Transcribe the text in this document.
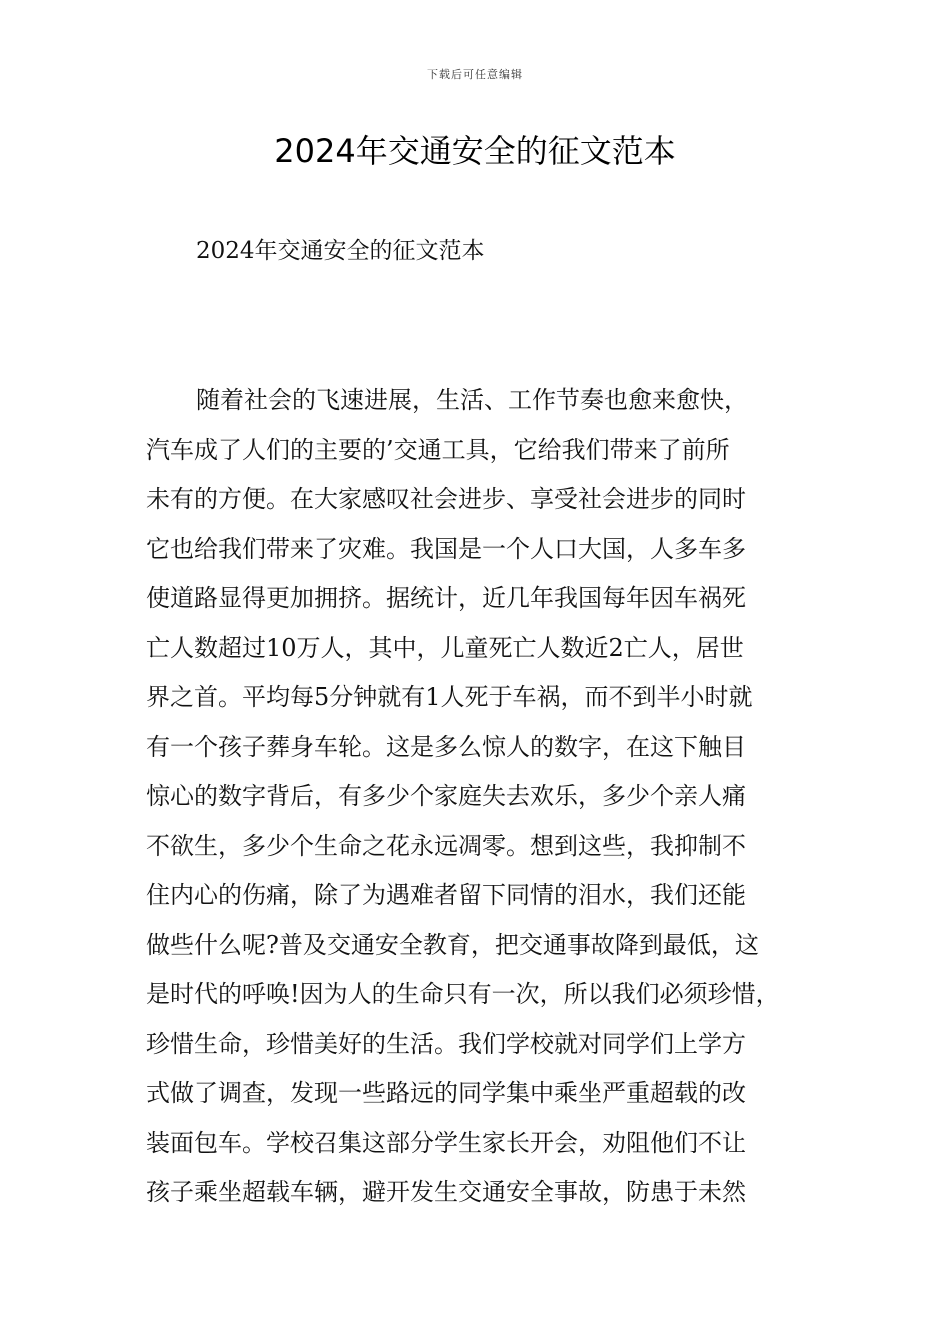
下载后可任意编辑
2024年交通安全的征文范本
2024年交通安全的征文范本
随着社会的飞速进展，生活、工作节奏也愈来愈快，
汽车成了人们的主要的’交通工具，它给我们带来了前所
未有的方便。在大家感叹社会进步、享受社会进步的同时
它也给我们带来了灾难。我国是一个人口大国，人多车多
使道路显得更加拥挤。据统计，近几年我国每年因车祸死
亡人数超过10万人，其中，儿童死亡人数近2亡人，居世
界之首。平均每5分钟就有1人死于车祸，而不到半小时就
有一个孩子葬身车轮。这是多么惊人的数字，在这下触目
惊心的数字背后，有多少个家庭失去欢乐，多少个亲人痛
不欲生，多少个生命之花永远凋零。想到这些，我抑制不
住内心的伤痛，除了为遇难者留下同情的泪水，我们还能
做些什么呢?普及交通安全教育，把交通事故降到最低，这
是时代的呼唤!因为人的生命只有一次，所以我们必须珍惜，
珍惜生命，珍惜美好的生活。我们学校就对同学们上学方
式做了调查，发现一些路远的同学集中乘坐严重超载的改
装面包车。学校召集这部分学生家长开会，劝阻他们不让
孩子乘坐超载车辆，避开发生交通安全事故，防患于未然
